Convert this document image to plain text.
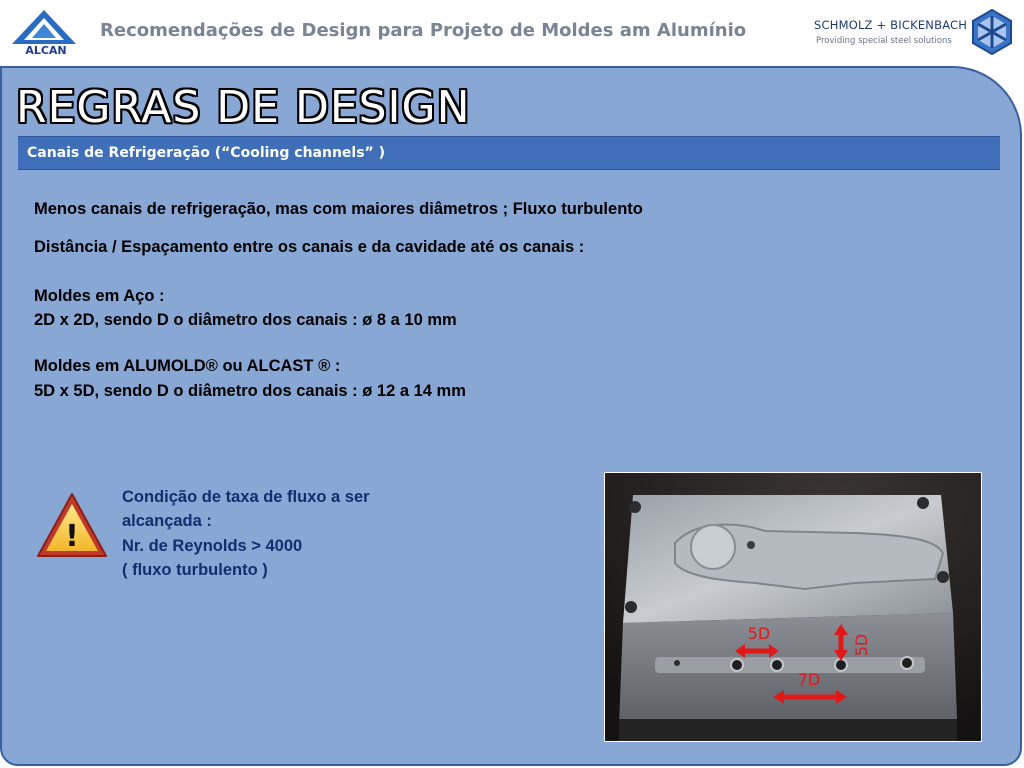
ALCAN
Recomendações de Design para Projeto de Moldes am Alumínio	SCHMOLZ + BICKENBACH
Providing special steel solutions
REGRAS DE DESIGN
Canais de Refrigeração (“Cooling channels” )
Menos canais de refrigeração, mas com maiores diâmetros ; Fluxo turbulento
Distância / Espaçamento entre os canais e da cavidade até os canais :
Moldes em Aço :
2D x 2D, sendo D o diâmetro dos canais : ø 8 a 10 mm
Moldes em ALUMOLD® ou ALCAST ® :
5D x 5D, sendo D o diâmetro dos canais : ø 12 a 14 mm
!
Condição de taxa de fluxo a ser
alcançada :
Nr. de Reynolds > 4000
( fluxo turbulento )
5D
5D
7D
